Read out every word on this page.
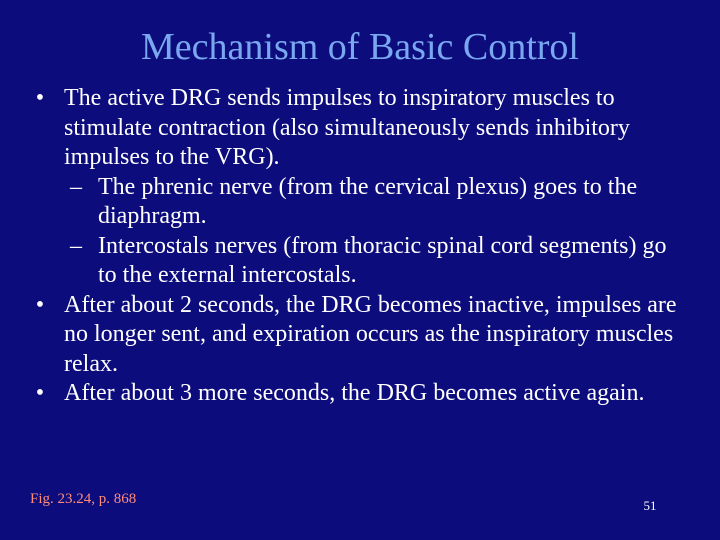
Mechanism of Basic Control
• The active DRG sends impulses to inspiratory muscles to stimulate contraction (also simultaneously sends inhibitory impulses to the VRG).
– The phrenic nerve (from the cervical plexus) goes to the diaphragm.
– Intercostals nerves (from thoracic spinal cord segments) go to the external intercostals.
• After about 2 seconds, the DRG becomes inactive, impulses are no longer sent, and expiration occurs as the inspiratory muscles relax.
• After about 3 more seconds, the DRG becomes active again.
Fig. 23.24, p. 868	51
